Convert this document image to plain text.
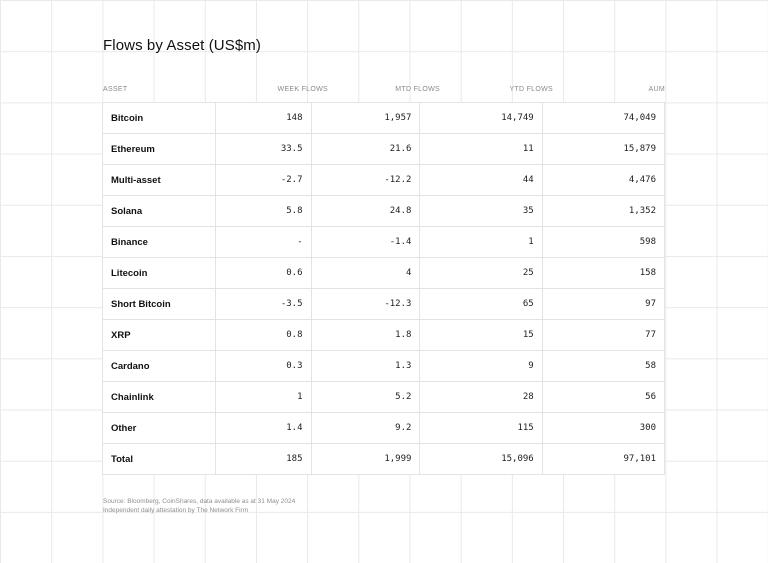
Flows by Asset (US$m)
ASSET	WEEK FLOWS	MTD FLOWS	YTD FLOWS	AUM
Bitcoin	148	1,957	14,749	74,049
Ethereum	33.5	21.6	11	15,879
Multi-asset	-2.7	-12.2	44	4,476
Solana	5.8	24.8	35	1,352
Binance	-	-1.4	1	598
Litecoin	0.6	4	25	158
Short Bitcoin	-3.5	-12.3	65	97
XRP	0.8	1.8	15	77
Cardano	0.3	1.3	9	58
Chainlink	1	5.2	28	56
Other	1.4	9.2	115	300
Total	185	1,999	15,096	97,101
Source: Bloomberg, CoinShares, data available as at 31 May 2024
Independent daily attestation by The Network Firm
